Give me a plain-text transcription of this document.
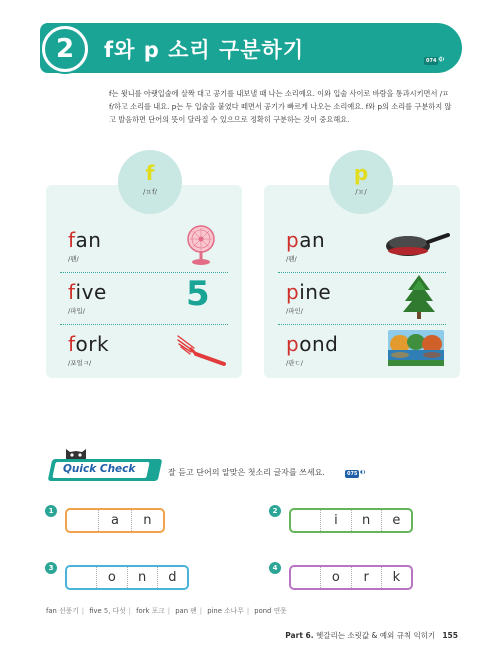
2	f와 p 소리 구분하기	074
f는 윗니를 아랫입술에 살짝 대고 공기를 내보낼 때 나는 소리예요. 이와 입술 사이로 바람을 통과시키면서 /ㅍf/하고 소리를 내요. p는 두 입술을 붙였다 떼면서 공기가 빠르게 나오는 소리예요. f와 p의 소리를 구분하지 않고 발음하면 단어의 뜻이 달라질 수 있으므로 정확히 구분하는 것이 중요해요.
f
/ㅍf/
p
/ㅍ/
fan
/팬/
five
/파입/	5
fork
/포얼ㅋ/
pan
/팬/
pine
/파인/
pond
/판ㄷ/
Quick Check	잘 듣고 단어의 알맞은 첫소리 글자를 쓰세요.	075
1
a	n
2
i	n	e
3
o	n	d
4
o	r	k
fan 선풍기 | five 5, 다섯 | fork 포크 | pan 팬 | pine 소나무 | pond 연못
Part 6. 헷갈리는 소릿값 & 예외 규칙 익히기 155
